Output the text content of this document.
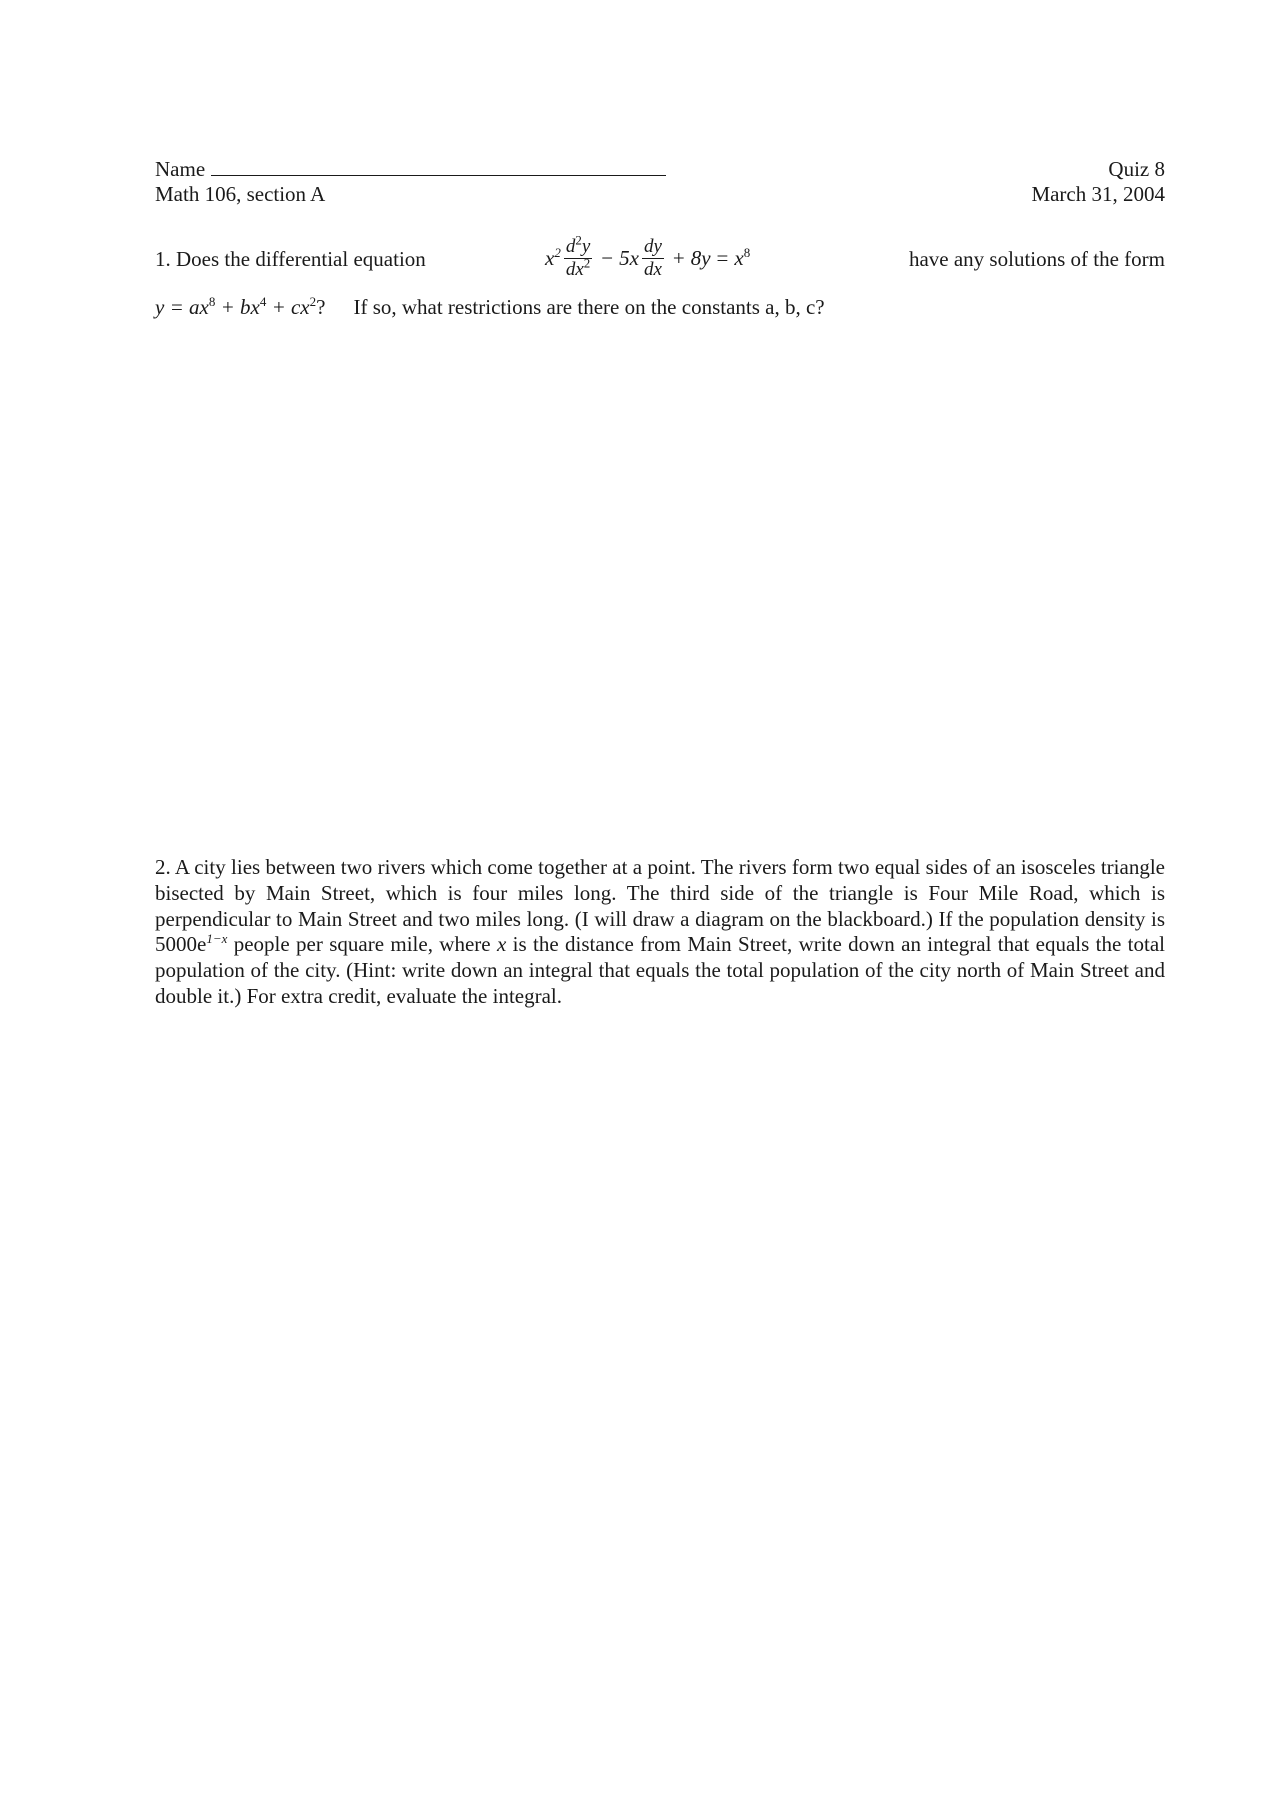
Name
Math 106, section A
Quiz 8
March 31, 2004
1. Does the differential equation	$x^2 \frac{d^2y}{dx^2} - 5x \frac{dy}{dx} + 8y = x^8$	have any solutions of the form
$y = ax^8 + bx^4 + cx^2$? If so, what restrictions are there on the constants a, b, c?
2. A city lies between two rivers which come together at a point. The rivers form two equal sides of an isosceles triangle bisected by Main Street, which is four miles long. The third side of the triangle is Four Mile Road, which is perpendicular to Main Street and two miles long. (I will draw a diagram on the blackboard.) If the population density is $5000e^{1-x}$ people per square mile, where x is the distance from Main Street, write down an integral that equals the total population of the city. (Hint: write down an integral that equals the total population of the city north of Main Street and double it.) For extra credit, evaluate the integral.
